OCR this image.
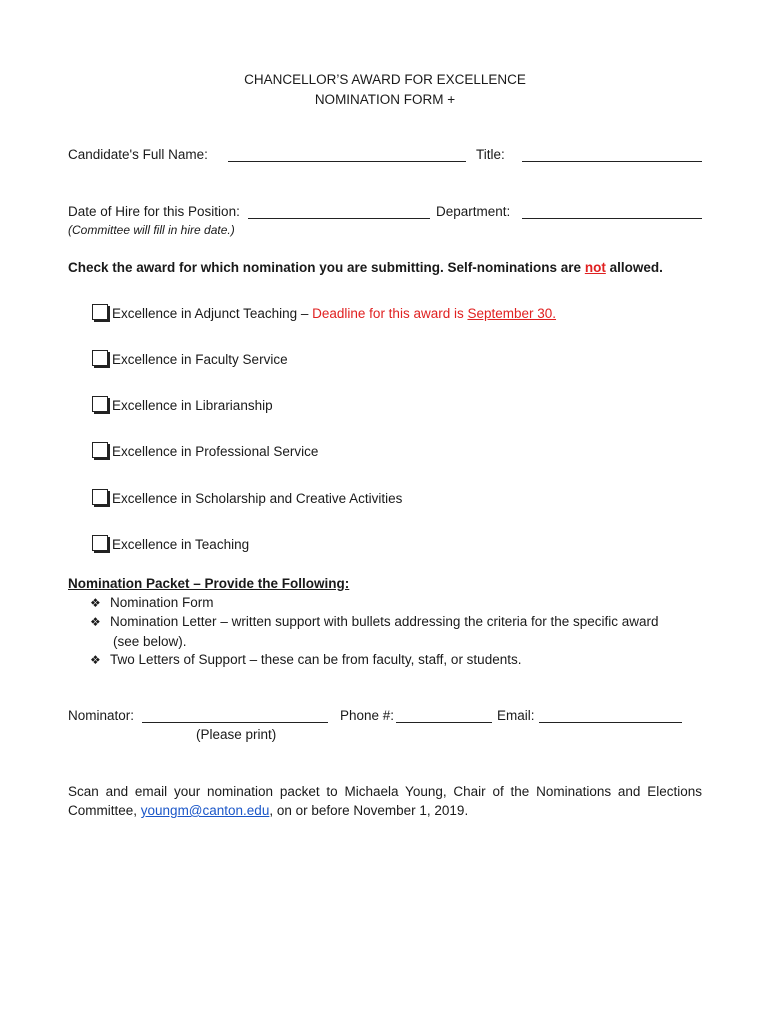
CHANCELLOR’S AWARD FOR EXCELLENCE
NOMINATION FORM +
Candidate's Full Name:	Title:
Date of Hire for this Position:	Department:
(Committee will fill in hire date.)
Check the award for which nomination you are submitting. Self-nominations are not allowed.
Excellence in Adjunct Teaching – Deadline for this award is September 30.
Excellence in Faculty Service
Excellence in Librarianship
Excellence in Professional Service
Excellence in Scholarship and Creative Activities
Excellence in Teaching
Nomination Packet – Provide the Following:
❖ Nomination Form
❖ Nomination Letter – written support with bullets addressing the criteria for the specific award
(see below).
❖ Two Letters of Support – these can be from faculty, staff, or students.
Nominator:	Phone #:	Email:
(Please print)
Scan and email your nomination packet to Michaela Young, Chair of the Nominations and Elections Committee, youngm@canton.edu, on or before November 1, 2019.
